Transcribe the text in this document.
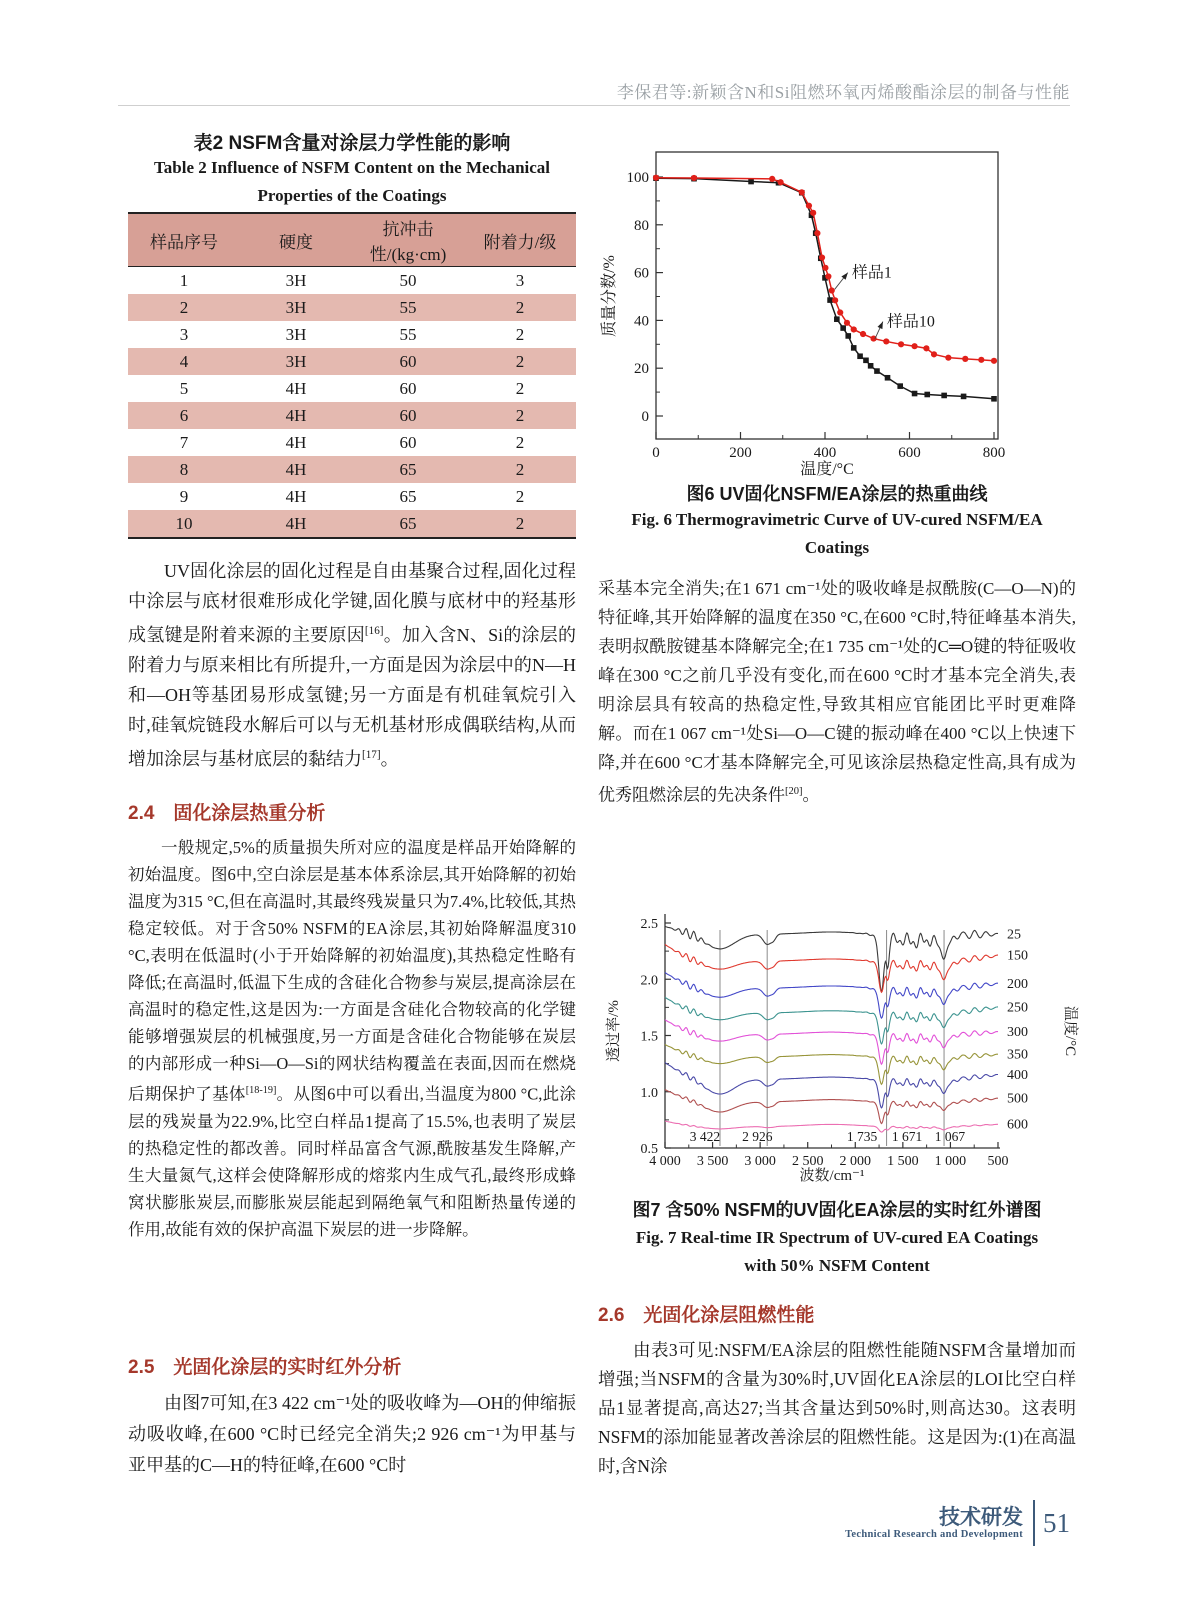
李保君等:新颖含N和Si阻燃环氧丙烯酸酯涂层的制备与性能
表2 NSFM含量对涂层力学性能的影响
Table 2 Influence of NSFM Content on the Mechanical
Properties of the Coatings
样品序号	硬度	抗冲击性/(kg·cm)	附着力/级
1	3H	50	3
2	3H	55	2
3	3H	55	2
4	3H	60	2
5	4H	60	2
6	4H	60	2
7	4H	60	2
8	4H	65	2
9	4H	65	2
10	4H	65	2
UV固化涂层的固化过程是自由基聚合过程,固化过程中涂层与底材很难形成化学键,固化膜与底材中的羟基形成氢键是附着来源的主要原因[16]。加入含N、Si的涂层的附着力与原来相比有所提升,一方面是因为涂层中的N—H和—OH等基团易形成氢键;另一方面是有机硅氧烷引入时,硅氧烷链段水解后可以与无机基材形成偶联结构,从而增加涂层与基材底层的黏结力[17]。
2.4　固化涂层热重分析
一般规定,5%的质量损失所对应的温度是样品开始降解的初始温度。图6中,空白涂层是基本体系涂层,其开始降解的初始温度为315 °C,但在高温时,其最终残炭量只为7.4%,比较低,其热稳定较低。对于含50% NSFM的EA涂层,其初始降解温度310 °C,表明在低温时(小于开始降解的初始温度),其热稳定性略有降低;在高温时,低温下生成的含硅化合物参与炭层,提高涂层在高温时的稳定性,这是因为:一方面是含硅化合物较高的化学键能够增强炭层的机械强度,另一方面是含硅化合物能够在炭层的内部形成一种Si—O—Si的网状结构覆盖在表面,因而在燃烧后期保护了基体[18-19]。从图6中可以看出,当温度为800 °C,此涂层的残炭量为22.9%,比空白样品1提高了15.5%,也表明了炭层的热稳定性的都改善。同时样品富含气源,酰胺基发生降解,产生大量氮气,这样会使降解形成的熔浆内生成气孔,最终形成蜂窝状膨胀炭层,而膨胀炭层能起到隔绝氧气和阻断热量传递的作用,故能有效的保护高温下炭层的进一步降解。
2.5　光固化涂层的实时红外分析
由图7可知,在3 422 cm⁻¹处的吸收峰为—OH的伸缩振动吸收峰,在600 °C时已经完全消失;2 926 cm⁻¹为甲基与亚甲基的C—H的特征峰,在600 °C时
0	200	400	600	800
0
20
40
60
80
100
温度/°C
质量分数/%	样品1
样品10
图6 UV固化NSFM/EA涂层的热重曲线
Fig. 6 Thermogravimetric Curve of UV-cured NSFM/EA
Coatings
采基本完全消失;在1 671 cm⁻¹处的吸收峰是叔酰胺(C—O—N)的特征峰,其开始降解的温度在350 °C,在600 °C时,特征峰基本消失,表明叔酰胺键基本降解完全;在1 735 cm⁻¹处的C═O键的特征吸收峰在300 °C之前几乎没有变化,而在600 °C时才基本完全消失,表明涂层具有较高的热稳定性,导致其相应官能团比平时更难降解。而在1 067 cm⁻¹处Si—O—C键的振动峰在400 °C以上快速下降,并在600 °C才基本降解完全,可见该涂层热稳定性高,具有成为优秀阻燃涂层的先决条件[20]。
4 000 3 500 3 000 2 500 2 000 1 500 1 000 500
0.5
1.0
1.5
2.0
2.5
波数/cm⁻¹
透过率/%	温度/°C
25
150
200
250
300
350
400
500
600
3 422 2 926	1 735 1 671 1 067
图7 含50% NSFM的UV固化EA涂层的实时红外谱图
Fig. 7 Real-time IR Spectrum of UV-cured EA Coatings
with 50% NSFM Content
2.6　光固化涂层阻燃性能
由表3可见:NSFM/EA涂层的阻燃性能随NSFM含量增加而增强;当NSFM的含量为30%时,UV固化EA涂层的LOI比空白样品1显著提高,高达27;当其含量达到50%时,则高达30。这表明NSFM的添加能显著改善涂层的阻燃性能。这是因为:(1)在高温时,含N涂
技术研发
Technical Research and Development 51
